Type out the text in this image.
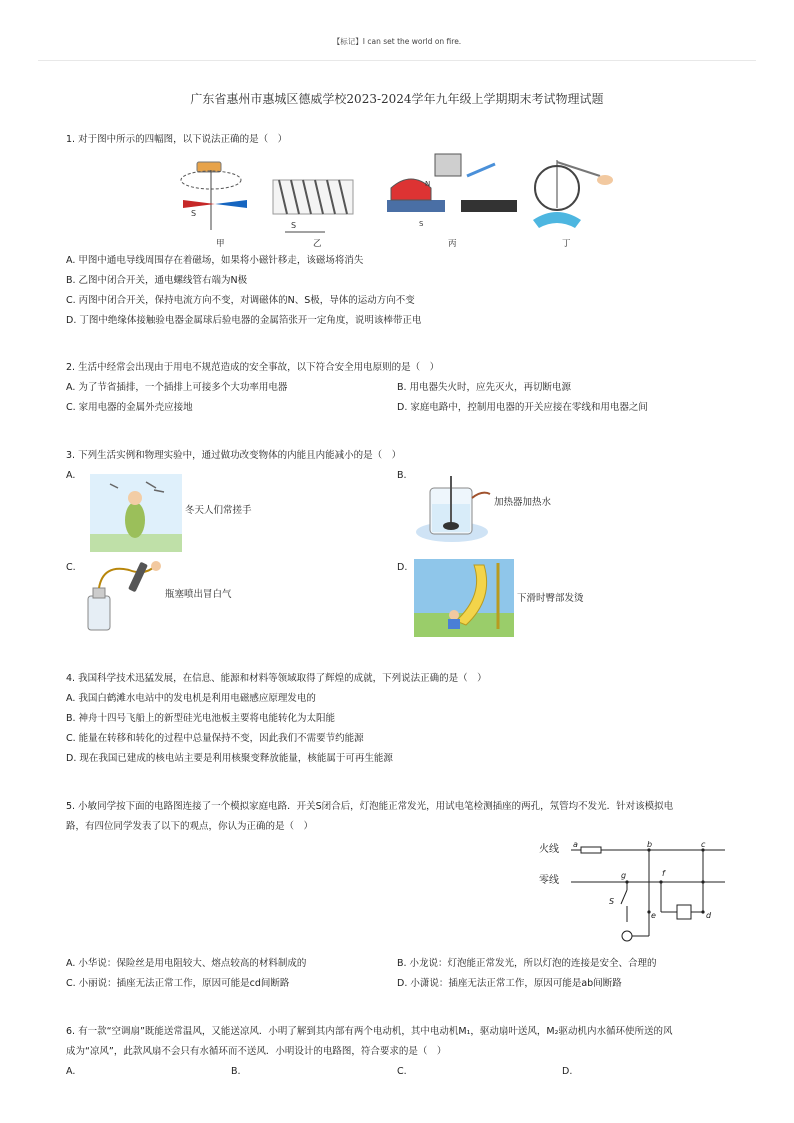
【标记】I can set the world on fire.
广东省惠州市惠城区德威学校2023-2024学年九年级上学期期末考试物理试题
1. 对于图中所示的四幅图，以下说法正确的是（　）
S
S
N
S
甲	乙	丙	丁
A. 甲图中通电导线周围存在着磁场，如果将小磁针移走，该磁场将消失
B. 乙图中闭合开关，通电螺线管右端为N极
C. 丙图中闭合开关，保持电流方向不变，对调磁体的N、S极，导体的运动方向不变
D. 丁图中绝缘体接触验电器金属球后验电器的金属箔张开一定角度，说明该棒带正电
2. 生活中经常会出现由于用电不规范造成的安全事故，以下符合安全用电原则的是（　）
A. 为了节省插排，一个插排上可接多个大功率用电器	B. 用电器失火时，应先灭火，再切断电源
C. 家用电器的金属外壳应接地	D. 家庭电路中，控制用电器的开关应接在零线和用电器之间
3. 下列生活实例和物理实验中，通过做功改变物体的内能且内能减小的是（　）
A.	B.
C.	D.
冬天人们常搓手
加热器加热水
瓶塞喷出冒白气	下滑时臀部发烫
4. 我国科学技术迅猛发展，在信息、能源和材料等领域取得了辉煌的成就，下列说法正确的是（　）
A. 我国白鹤滩水电站中的发电机是利用电磁感应原理发电的
B. 神舟十四号飞船上的新型硅光电池板主要将电能转化为太阳能
C. 能量在转移和转化的过程中总量保持不变，因此我们不需要节约能源
D. 现在我国已建成的核电站主要是利用核聚变释放能量，核能属于可再生能源
5. 小敏同学按下面的电路图连接了一个模拟家庭电路．开关S闭合后，灯泡能正常发光，用试电笔检测插座的两孔，氖管均不发光．针对该模拟电
路，有四位同学发表了以下的观点，你认为正确的是（　）
火线
零线
a	b	c
f
g
S
e	d
A. 小华说：保险丝是用电阻较大、熔点较高的材料制成的	B. 小龙说：灯泡能正常发光，所以灯泡的连接是安全、合理的
C. 小丽说：插座无法正常工作，原因可能是cd间断路	D. 小潇说：插座无法正常工作，原因可能是ab间断路
6. 有一款“空调扇”既能送常温风，又能送凉风．小明了解到其内部有两个电动机，其中电动机M₁，驱动扇叶送风，M₂驱动机内水循环使所送的风
成为“凉风”，此款风扇不会只有水循环而不送风．小明设计的电路图，符合要求的是（　）
A.	B.	C.	D.
